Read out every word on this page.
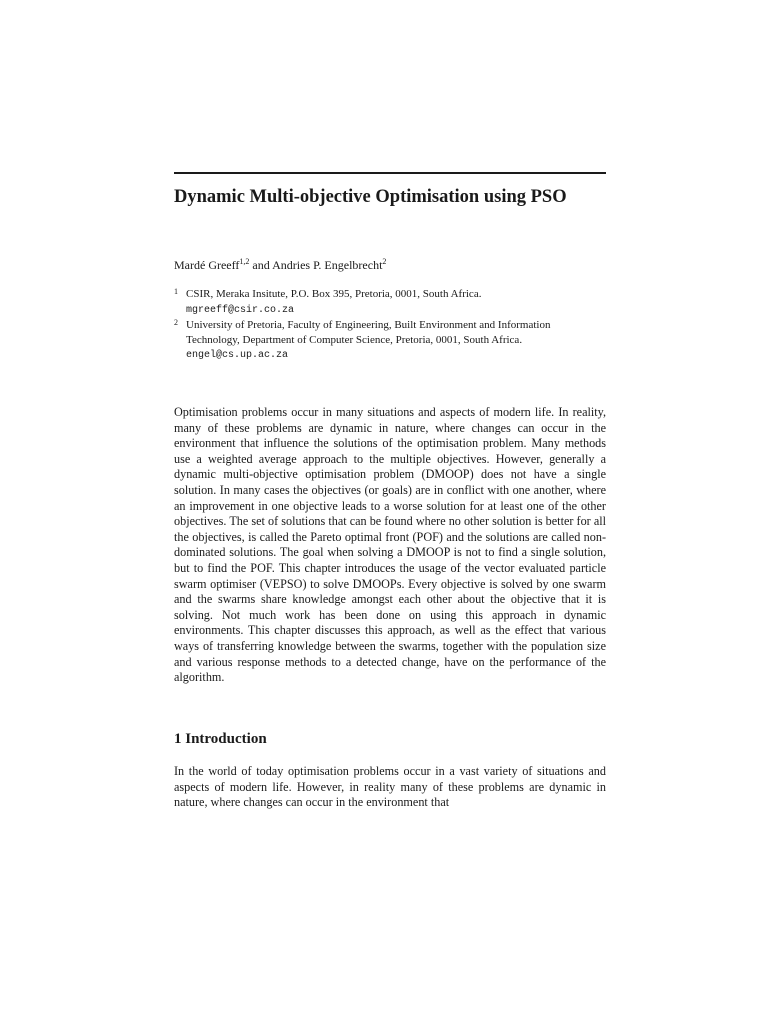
Dynamic Multi-objective Optimisation using PSO
Mardé Greeff$^{1,2}$ and Andries P. Engelbrecht$^2$
1 CSIR, Meraka Insitute, P.O. Box 395, Pretoria, 0001, South Africa.
mgreeff@csir.co.za
2 University of Pretoria, Faculty of Engineering, Built Environment and Information Technology, Department of Computer Science, Pretoria, 0001, South Africa. engel@cs.up.ac.za

Optimisation problems occur in many situations and aspects of modern life. In reality, many of these problems are dynamic in nature, where changes can occur in the environment that influence the solutions of the optimisation problem. Many methods use a weighted average approach to the multiple objectives. However, generally a dynamic multi-objective optimisation problem (DMOOP) does not have a single solution. In many cases the objectives (or goals) are in conflict with one another, where an improvement in one objective leads to a worse solution for at least one of the other objectives. The set of solutions that can be found where no other solution is better for all the objectives, is called the Pareto optimal front (POF) and the solutions are called non-dominated solutions. The goal when solving a DMOOP is not to find a single solution, but to find the POF. This chapter introduces the usage of the vector evaluated particle swarm optimiser (VEPSO) to solve DMOOPs. Every objective is solved by one swarm and the swarms share knowledge amongst each other about the objective that it is solving. Not much work has been done on using this approach in dynamic environments. This chapter discusses this approach, as well as the effect that various ways of transferring knowledge between the swarms, together with the population size and various response methods to a detected change, have on the performance of the algorithm.

1 Introduction

In the world of today optimisation problems occur in a vast variety of situations and aspects of modern life. However, in reality many of these problems are dynamic in nature, where changes can occur in the environment that
